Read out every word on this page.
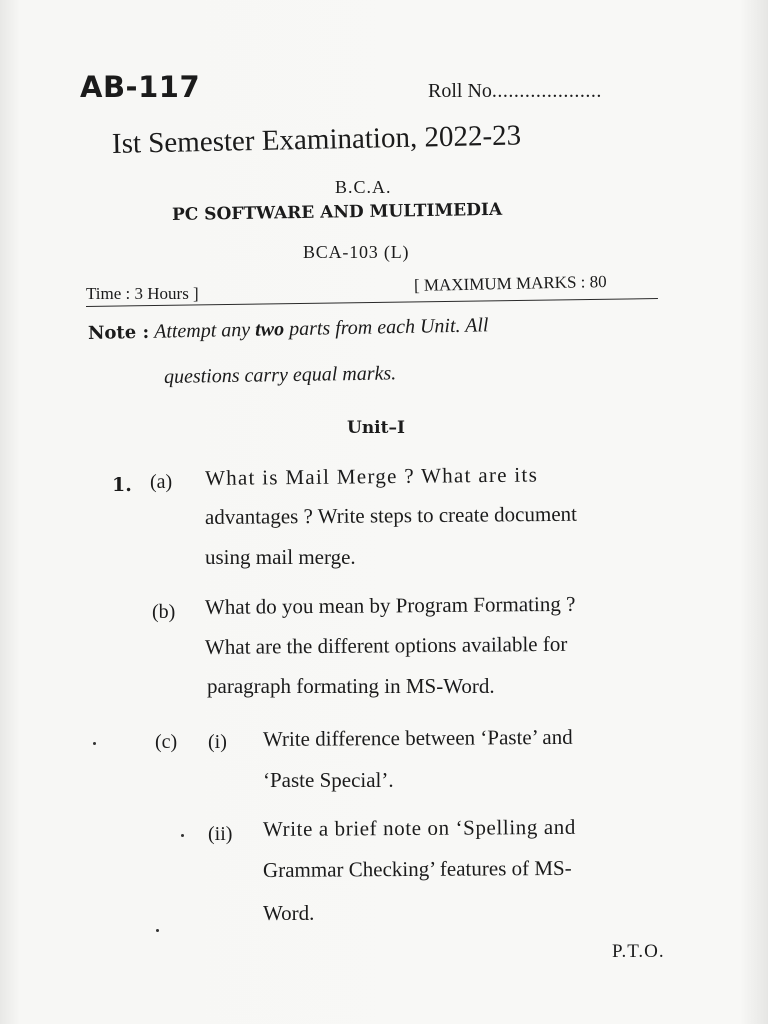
AB-117	Roll No....................
Ist Semester Examination, 2022-23
B.C.A.
PC SOFTWARE AND MULTIMEDIA
BCA-103 (L)
Time : 3 Hours ]	[ MAXIMUM MARKS : 80
Note : Attempt any two parts from each Unit. All
questions carry equal marks.
Unit–I
1. (a) What is Mail Merge ? What are its
advantages ? Write steps to create document
using mail merge.
(b) What do you mean by Program Formating ?
What are the different options available for
paragraph formating in MS-Word.
(c) (i) Write difference between ‘Paste’ and
‘Paste Special’.
(ii) Write a brief note on ‘Spelling and
Grammar Checking’ features of MS-
Word.
P.T.O.
